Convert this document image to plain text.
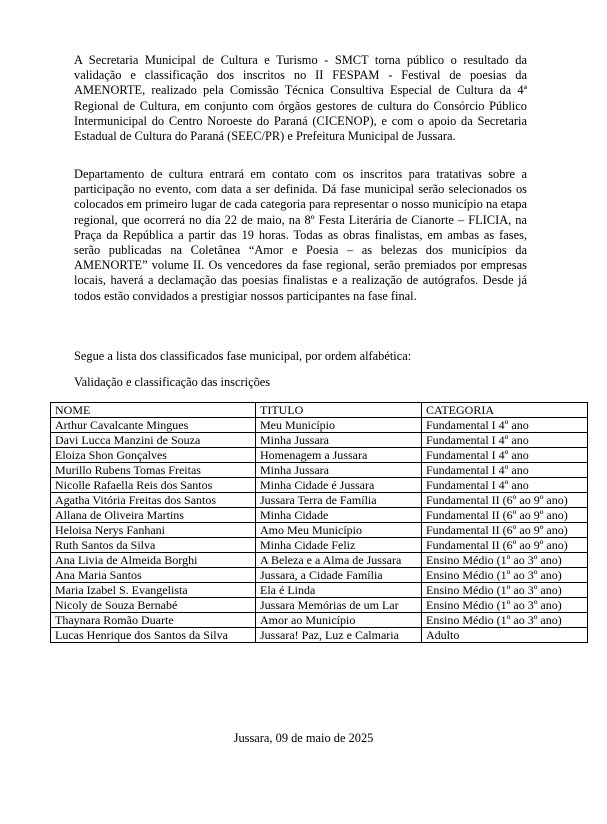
A Secretaria Municipal de Cultura e Turismo - SMCT torna público o resultado da validação e classificação dos inscritos no II FESPAM - Festival de poesias da AMENORTE, realizado pela Comissão Técnica Consultiva Especial de Cultura da 4ª Regional de Cultura, em conjunto com órgãos gestores de cultura do Consórcio Público Intermunicipal do Centro Noroeste do Paraná (CICENOP), e com o apoio da Secretaria Estadual de Cultura do Paraná (SEEC/PR) e Prefeitura Municipal de Jussara.

Departamento de cultura entrará em contato com os inscritos para tratativas sobre a participação no evento, com data a ser definida. Dá fase municipal serão selecionados os colocados em primeiro lugar de cada categoria para representar o nosso município na etapa regional, que ocorrerá no dia 22 de maio, na 8º Festa Literária de Cianorte – FLICIA, na Praça da República a partir das 19 horas. Todas as obras finalistas, em ambas as fases, serão publicadas na Coletânea “Amor e Poesia – as belezas dos municípios da AMENORTE” volume II. Os vencedores da fase regional, serão premiados por empresas locais, haverá a declamação das poesias finalistas e a realização de autógrafos. Desde já todos estão convidados a prestigiar nossos participantes na fase final.

Segue a lista dos classificados fase municipal, por ordem alfabética:

Validação e classificação das inscrições

NOME	TITULO	CATEGORIA
Arthur Cavalcante Mingues	Meu Município	Fundamental I 4º ano
Davi Lucca Manzini de Souza	Minha Jussara	Fundamental I 4º ano
Eloiza Shon Gonçalves	Homenagem a Jussara	Fundamental I 4º ano
Murillo Rubens Tomas Freitas	Minha Jussara	Fundamental I 4º ano
Nicolle Rafaella Reis dos Santos	Minha Cidade é Jussara	Fundamental I 4º ano
Agatha Vitória Freitas dos Santos	Jussara Terra de Família	Fundamental II (6º ao 9º ano)
Allana de Oliveira Martins	Minha Cidade	Fundamental II (6º ao 9º ano)
Heloisa Nerys Fanhani	Amo Meu Município	Fundamental II (6º ao 9º ano)
Ruth Santos da Silva	Minha Cidade Feliz	Fundamental II (6º ao 9º ano)
Ana Livia de Almeida Borghi	A Beleza e a Alma de Jussara	Ensino Médio (1º ao 3º ano)
Ana Maria Santos	Jussara, a Cidade Família	Ensino Médio (1º ao 3º ano)
Maria Izabel S. Evangelista	Ela é Linda	Ensino Médio (1º ao 3º ano)
Nicoly de Souza Bernabé	Jussara Memórias de um Lar	Ensino Médio (1º ao 3º ano)
Thaynara Romão Duarte	Amor ao Município	Ensino Médio (1º ao 3º ano)
Lucas Henrique dos Santos da Silva	Jussara! Paz, Luz e Calmaria	Adulto
Jussara, 09 de maio de 2025
